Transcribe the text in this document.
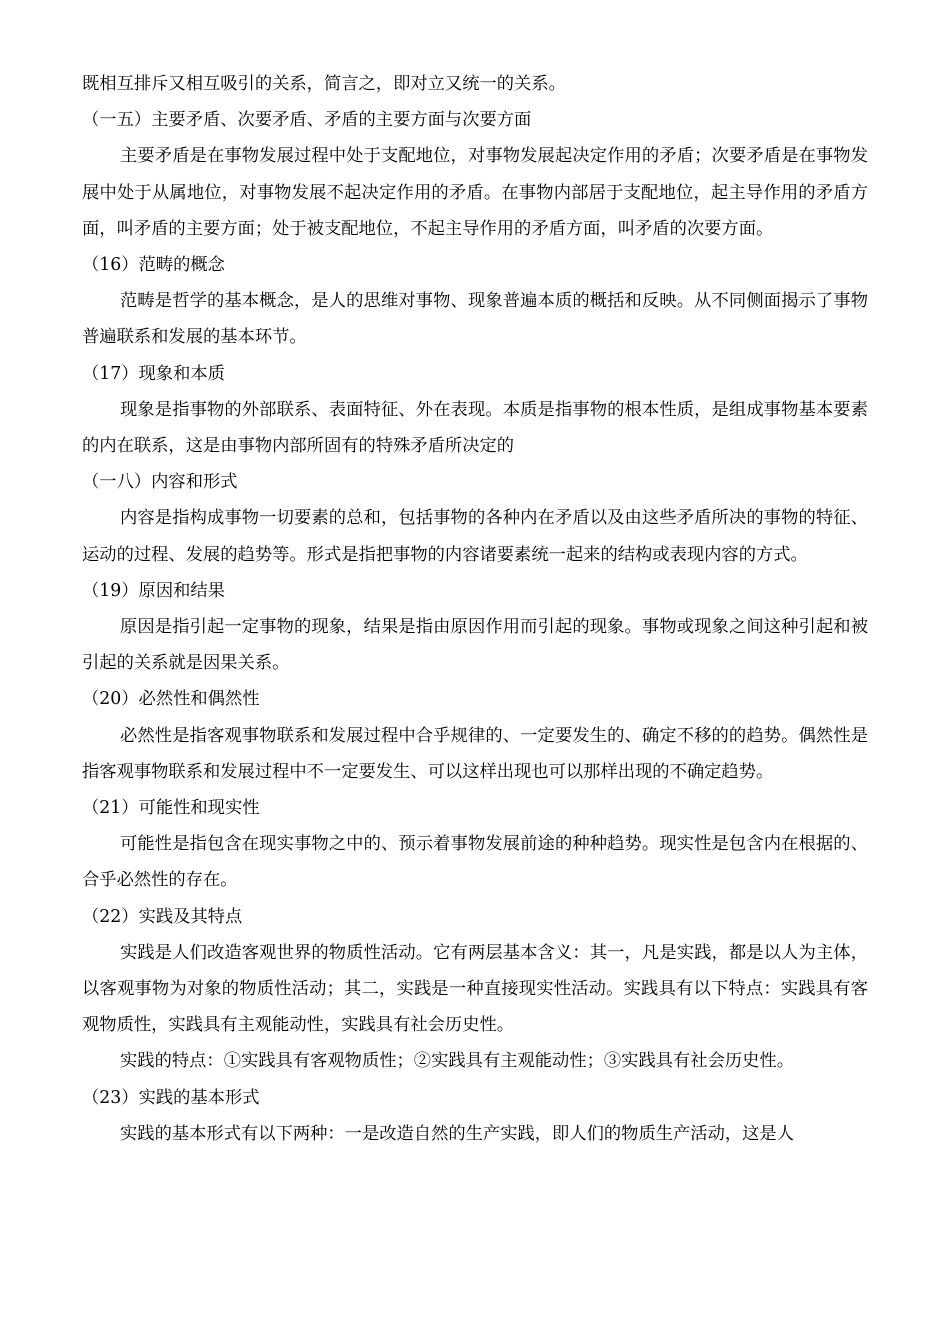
既相互排斥又相互吸引的关系，简言之，即对立又统一的关系。

（一五）主要矛盾、次要矛盾、矛盾的主要方面与次要方面

主要矛盾是在事物发展过程中处于支配地位，对事物发展起决定作用的矛盾；次要矛盾是在事物发展中处于从属地位，对事物发展不起决定作用的矛盾。在事物内部居于支配地位，起主导作用的矛盾方面，叫矛盾的主要方面；处于被支配地位，不起主导作用的矛盾方面，叫矛盾的次要方面。

（16）范畴的概念

范畴是哲学的基本概念，是人的思维对事物、现象普遍本质的概括和反映。从不同侧面揭示了事物普遍联系和发展的基本环节。

（17）现象和本质

现象是指事物的外部联系、表面特征、外在表现。本质是指事物的根本性质，是组成事物基本要素的内在联系，这是由事物内部所固有的特殊矛盾所决定的

（一八）内容和形式

内容是指构成事物一切要素的总和，包括事物的各种内在矛盾以及由这些矛盾所决的事物的特征、运动的过程、发展的趋势等。形式是指把事物的内容诸要素统一起来的结构或表现内容的方式。

（19）原因和结果

原因是指引起一定事物的现象，结果是指由原因作用而引起的现象。事物或现象之间这种引起和被引起的关系就是因果关系。

（20）必然性和偶然性

必然性是指客观事物联系和发展过程中合乎规律的、一定要发生的、确定不移的的趋势。偶然性是指客观事物联系和发展过程中不一定要发生、可以这样出现也可以那样出现的不确定趋势。

（21）可能性和现实性

可能性是指包含在现实事物之中的、预示着事物发展前途的种种趋势。现实性是包含内在根据的、合乎必然性的存在。

（22）实践及其特点

实践是人们改造客观世界的物质性活动。它有两层基本含义：其一，凡是实践，都是以人为主体，以客观事物为对象的物质性活动；其二，实践是一种直接现实性活动。实践具有以下特点：实践具有客观物质性，实践具有主观能动性，实践具有社会历史性。

实践的特点：①实践具有客观物质性；②实践具有主观能动性；③实践具有社会历史性。

（23）实践的基本形式

实践的基本形式有以下两种：一是改造自然的生产实践，即人们的物质生产活动，这是人
